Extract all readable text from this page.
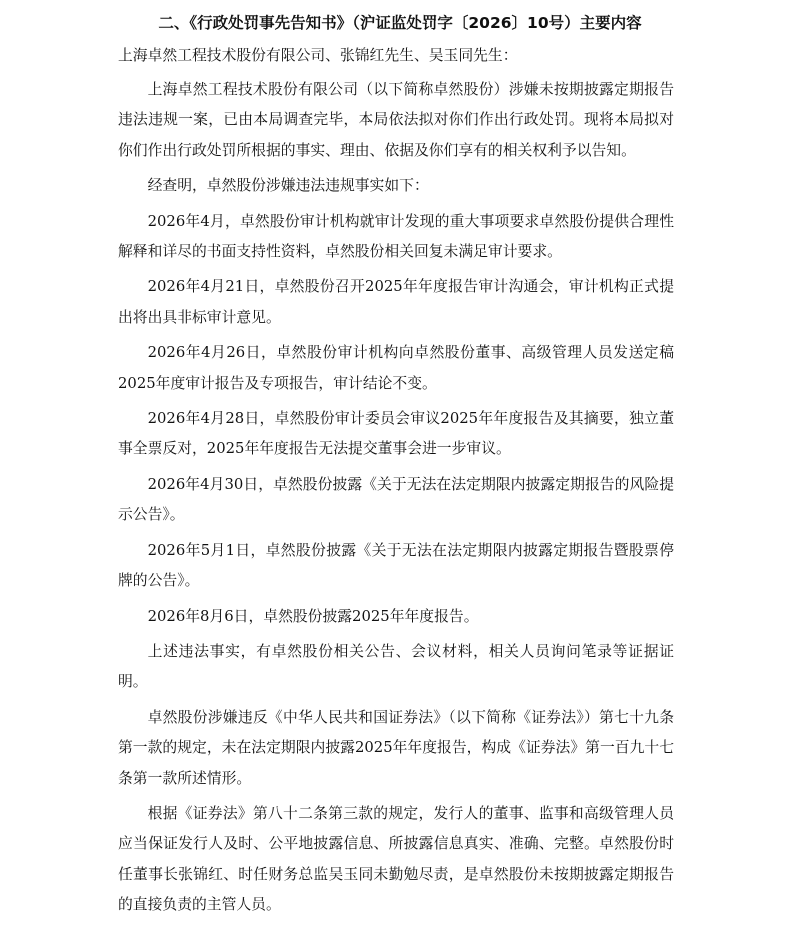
二、《行政处罚事先告知书》（沪证监处罚字〔2026〕10号）主要内容
上海卓然工程技术股份有限公司、张锦红先生、吴玉同先生：

上海卓然工程技术股份有限公司（以下简称卓然股份）涉嫌未按期披露定期报告违法违规一案，已由本局调查完毕，本局依法拟对你们作出行政处罚。现将本局拟对你们作出行政处罚所根据的事实、理由、依据及你们享有的相关权利予以告知。

经查明，卓然股份涉嫌违法违规事实如下：

2026年4月，卓然股份审计机构就审计发现的重大事项要求卓然股份提供合理性解释和详尽的书面支持性资料，卓然股份相关回复未满足审计要求。

2026年4月21日，卓然股份召开2025年年度报告审计沟通会，审计机构正式提出将出具非标审计意见。

2026年4月26日，卓然股份审计机构向卓然股份董事、高级管理人员发送定稿2025年度审计报告及专项报告，审计结论不变。

2026年4月28日，卓然股份审计委员会审议2025年年度报告及其摘要，独立董事全票反对，2025年年度报告无法提交董事会进一步审议。

2026年4月30日，卓然股份披露《关于无法在法定期限内披露定期报告的风险提示公告》。

2026年5月1日，卓然股份披露《关于无法在法定期限内披露定期报告暨股票停牌的公告》。

2026年8月6日，卓然股份披露2025年年度报告。

上述违法事实，有卓然股份相关公告、会议材料，相关人员询问笔录等证据证明。

卓然股份涉嫌违反《中华人民共和国证券法》（以下简称《证券法》）第七十九条第一款的规定，未在法定期限内披露2025年年度报告，构成《证券法》第一百九十七条第一款所述情形。

根据《证券法》第八十二条第三款的规定，发行人的董事、监事和高级管理人员应当保证发行人及时、公平地披露信息、所披露信息真实、准确、完整。卓然股份时任董事长张锦红、时任财务总监吴玉同未勤勉尽责，是卓然股份未按期披露定期报告的直接负责的主管人员。
